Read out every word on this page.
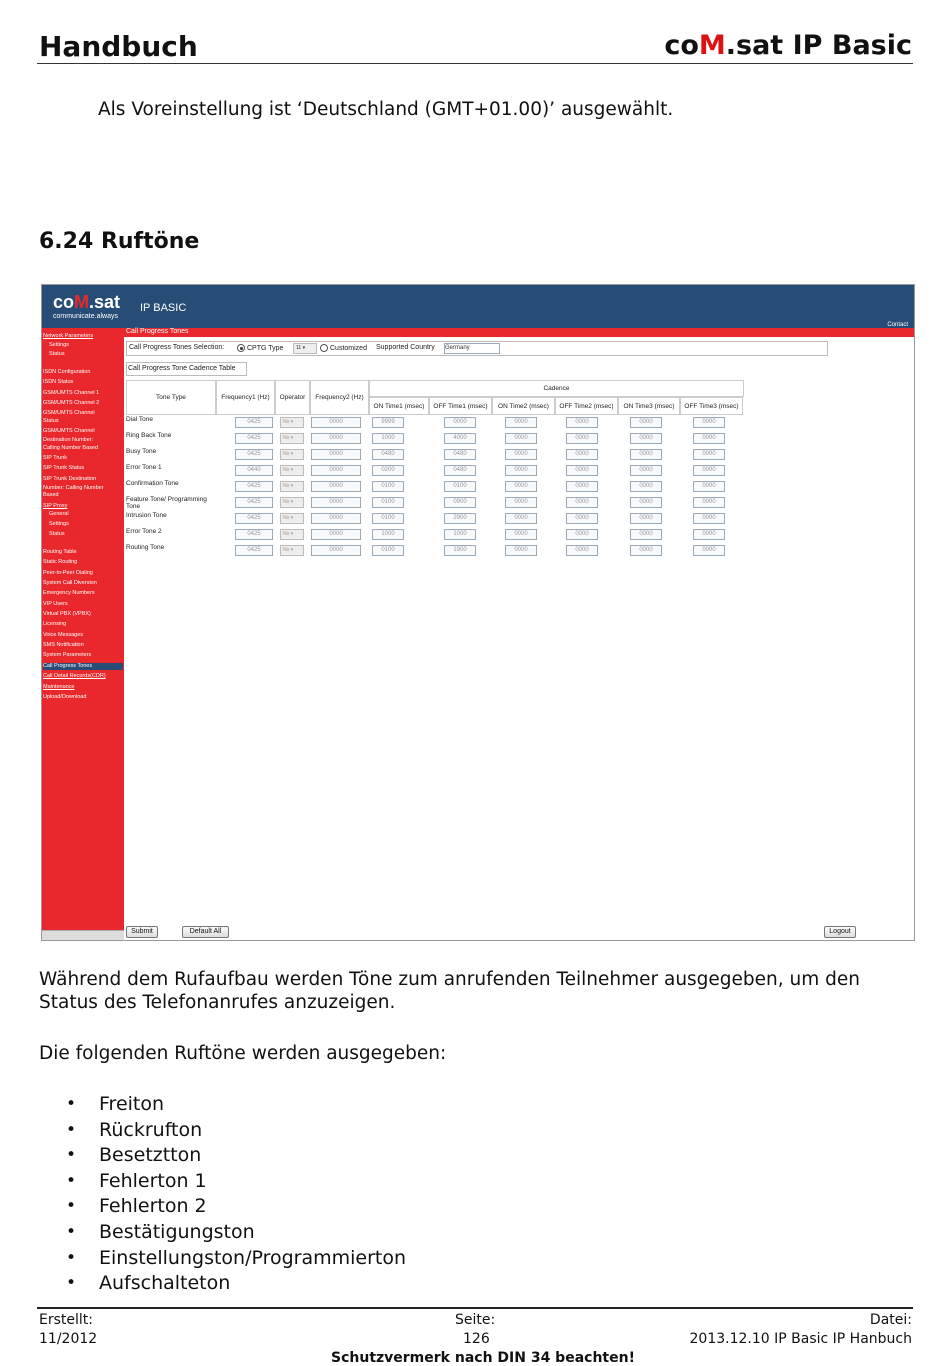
Handbuch	coM.sat IP Basic
Als Voreinstellung ist ‘Deutschland (GMT+01.00)’ ausgewählt.
6.24 Ruftöne
coM.sat
communicate.always
IP BASIC
Contact
Call Progress Tones
Network Parameters
Settings
Status
ISDN Configuration
ISDN Status
GSM/UMTS Channel 1
GSM/UMTS Channel 2
GSM/UMTS Channel
Status
GSM/UMTS Channel
Destination Number:
Calling Number Based
SIP Trunk
SIP Trunk Status
SIP Trunk Destination
Number: Calling Number
Based
SIP Proxy
General
Settings
Status
Routing Table
Static Routing
Peer-to-Peer Dialing
System Call Diversion
Emergency Numbers
VIP Users
Virtual PBX (VPBX)
Licensing
Voice Messages
SMS Notification
System Parameters
Call Progress Tones
Call Detail Records(CDR)
Maintenance
Upload/Download
Call Progress Tones Selection:	CPTG Type	11 ▾	Customized Supported Country Germany
Call Progress Tone Cadence Table
Submit	Default All	Logout
Tone Type	Frequency1 (Hz)	Operator	Frequency2 (Hz)
Cadence
ON Time1 (msec)	OFF Time1 (msec)	ON Time2 (msec)	OFF Time2 (msec)	ON Time3 (msec)	OFF Time3 (msec)
Dial Tone	0425	No ▾	0000	9999	0000	0000	0000	0000	0000
Ring Back Tone	0425	No ▾	0000	1000	4000	0000	0000	0000	0000
Busy Tone	0425	No ▾	0000	0480	0480	0000	0000	0000	0000
Error Tone 1	0440	No ▾	0000	0200	0480	0000	0000	0000	0000
Confirmation Tone	0425	No ▾	0000	0100	0100	0000	0000	0000	0000
Feature Tone/ Programming Tone
0425	No ▾	0000	0100	0900	0000	0000	0000	0000
Intrusion Tone	0425	No ▾	0000	0100	2900	0000	0000	0000	0000
Error Tone 2	0425	No ▾	0000	1000	1000	0000	0000	0000	0000
Routing Tone	0425	No ▾	0000	0100	1900	0000	0000	0000	0000
Während dem Rufaufbau werden Töne zum anrufenden Teilnehmer ausgegeben, um den
Status des Telefonanrufes anzuzeigen.
Die folgenden Ruftöne werden ausgegeben:
• Freiton
• Rückrufton
• Besetztton
• Fehlerton 1
• Fehlerton 2
• Bestätigungston
• Einstellungston/Programmierton
• Aufschalteton
Erstellt:
11/2012
Seite:
126
Datei:
2013.12.10 IP Basic IP Hanbuch
Schutzvermerk nach DIN 34 beachten!
